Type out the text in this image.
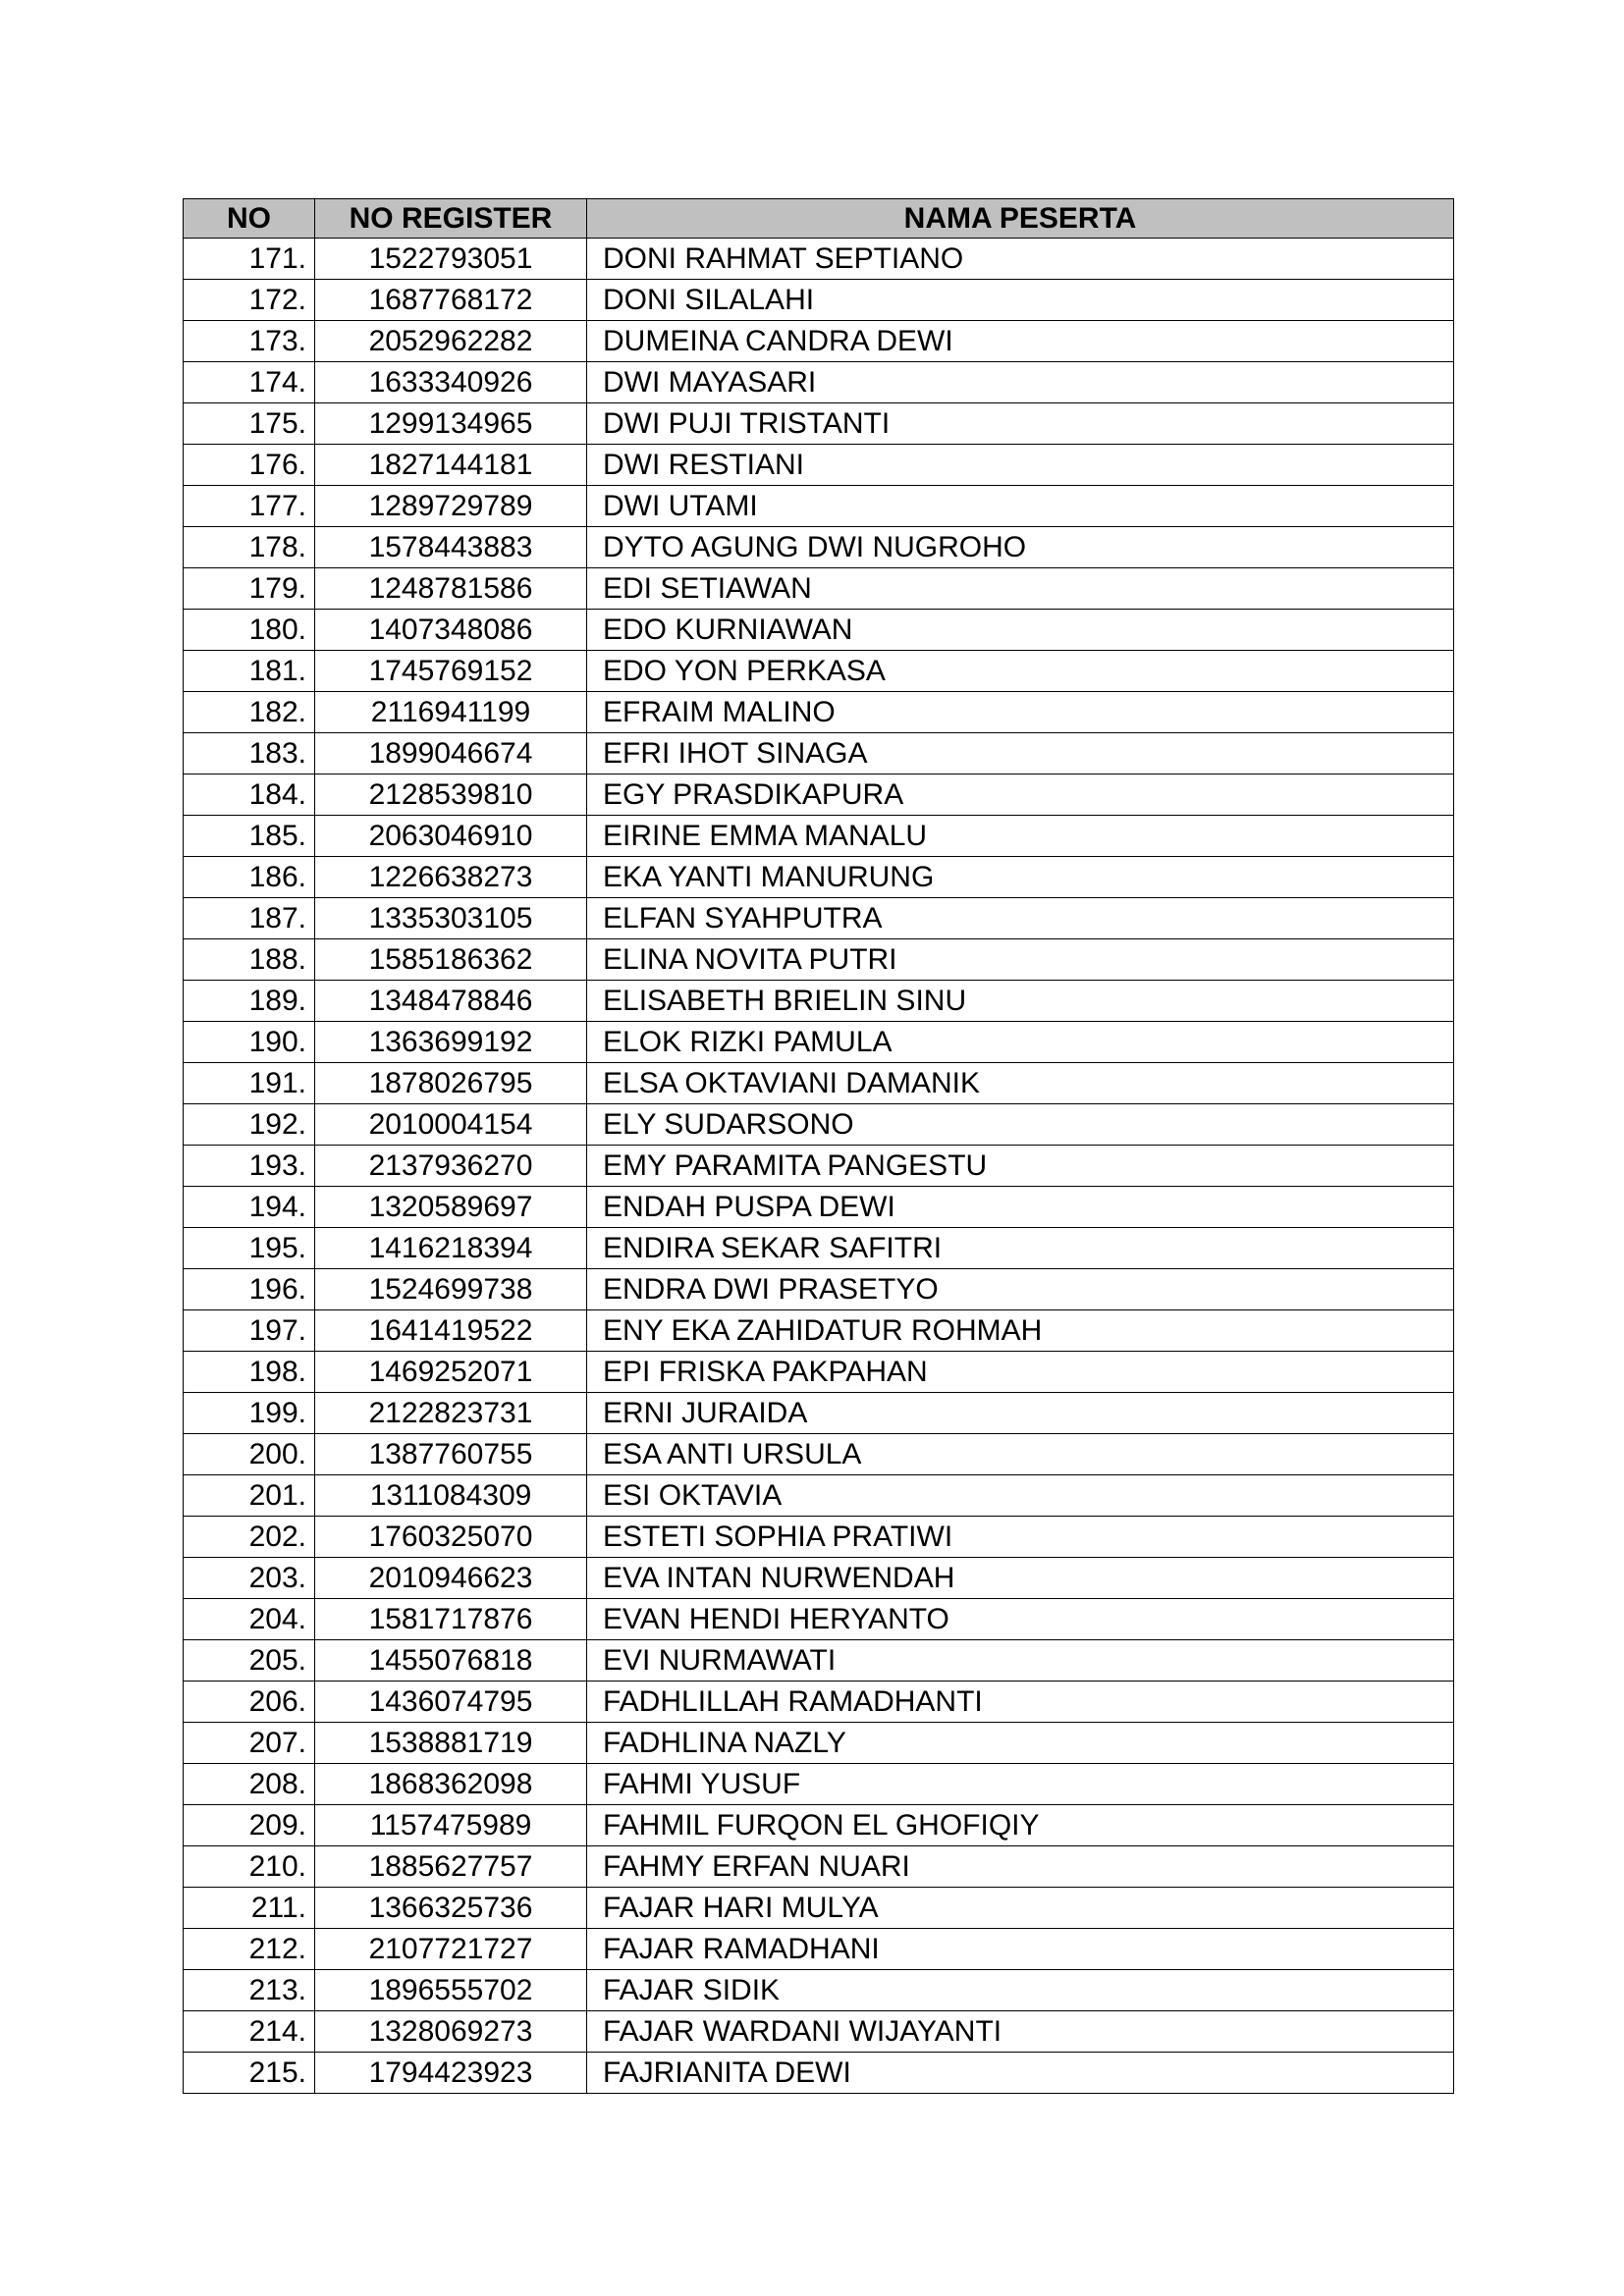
NO	NO REGISTER	NAMA PESERTA
171.	1522793051	DONI RAHMAT SEPTIANO
172.	1687768172	DONI SILALAHI
173.	2052962282	DUMEINA CANDRA DEWI
174.	1633340926	DWI MAYASARI
175.	1299134965	DWI PUJI TRISTANTI
176.	1827144181	DWI RESTIANI
177.	1289729789	DWI UTAMI
178.	1578443883	DYTO AGUNG DWI NUGROHO
179.	1248781586	EDI SETIAWAN
180.	1407348086	EDO KURNIAWAN
181.	1745769152	EDO YON PERKASA
182.	2116941199	EFRAIM MALINO
183.	1899046674	EFRI IHOT SINAGA
184.	2128539810	EGY PRASDIKAPURA
185.	2063046910	EIRINE EMMA MANALU
186.	1226638273	EKA YANTI MANURUNG
187.	1335303105	ELFAN SYAHPUTRA
188.	1585186362	ELINA NOVITA PUTRI
189.	1348478846	ELISABETH BRIELIN SINU
190.	1363699192	ELOK RIZKI PAMULA
191.	1878026795	ELSA OKTAVIANI DAMANIK
192.	2010004154	ELY SUDARSONO
193.	2137936270	EMY PARAMITA PANGESTU
194.	1320589697	ENDAH PUSPA DEWI
195.	1416218394	ENDIRA SEKAR SAFITRI
196.	1524699738	ENDRA DWI PRASETYO
197.	1641419522	ENY EKA ZAHIDATUR ROHMAH
198.	1469252071	EPI FRISKA PAKPAHAN
199.	2122823731	ERNI JURAIDA
200.	1387760755	ESA ANTI URSULA
201.	1311084309	ESI OKTAVIA
202.	1760325070	ESTETI SOPHIA PRATIWI
203.	2010946623	EVA INTAN NURWENDAH
204.	1581717876	EVAN HENDI HERYANTO
205.	1455076818	EVI NURMAWATI
206.	1436074795	FADHLILLAH RAMADHANTI
207.	1538881719	FADHLINA NAZLY
208.	1868362098	FAHMI YUSUF
209.	1157475989	FAHMIL FURQON EL GHOFIQIY
210.	1885627757	FAHMY ERFAN NUARI
211.	1366325736	FAJAR HARI MULYA
212.	2107721727	FAJAR RAMADHANI
213.	1896555702	FAJAR SIDIK
214.	1328069273	FAJAR WARDANI WIJAYANTI
215.	1794423923	FAJRIANITA DEWI
